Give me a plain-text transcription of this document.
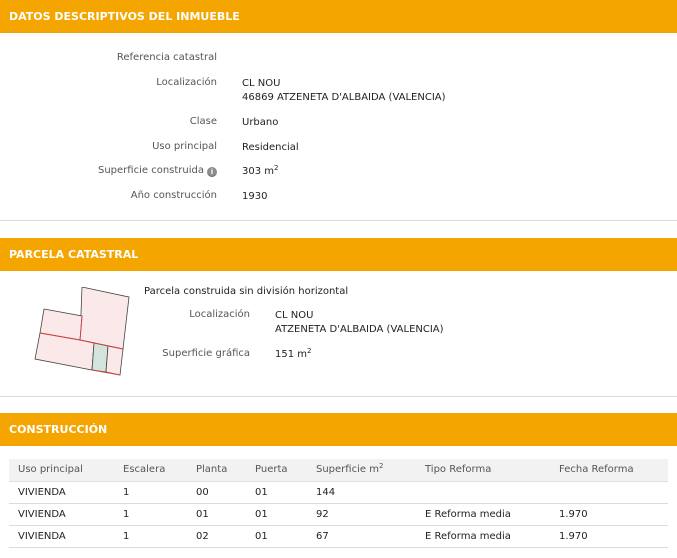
DATOS DESCRIPTIVOS DEL INMUEBLE
Referencia catastral
Localización	CL NOU
46869 ATZENETA D'ALBAIDA (VALENCIA)
Clase	Urbano
Uso principal	Residencial
Superficie construida i	303 $m^2$
Año construcción	1930
PARCELA CATASTRAL
Parcela construida sin división horizontal
Localización	CL NOU
ATZENETA D'ALBAIDA (VALENCIA)
Superficie gráfica	151 $m^2$
CONSTRUCCIÓN
Uso principal	Escalera	Planta	Puerta	Superficie $m^2$	Tipo Reforma	Fecha Reforma
VIVIENDA	1	00	01	144		
VIVIENDA	1	01	01	92	E Reforma media	1.970
VIVIENDA	1	02	01	67	E Reforma media	1.970
